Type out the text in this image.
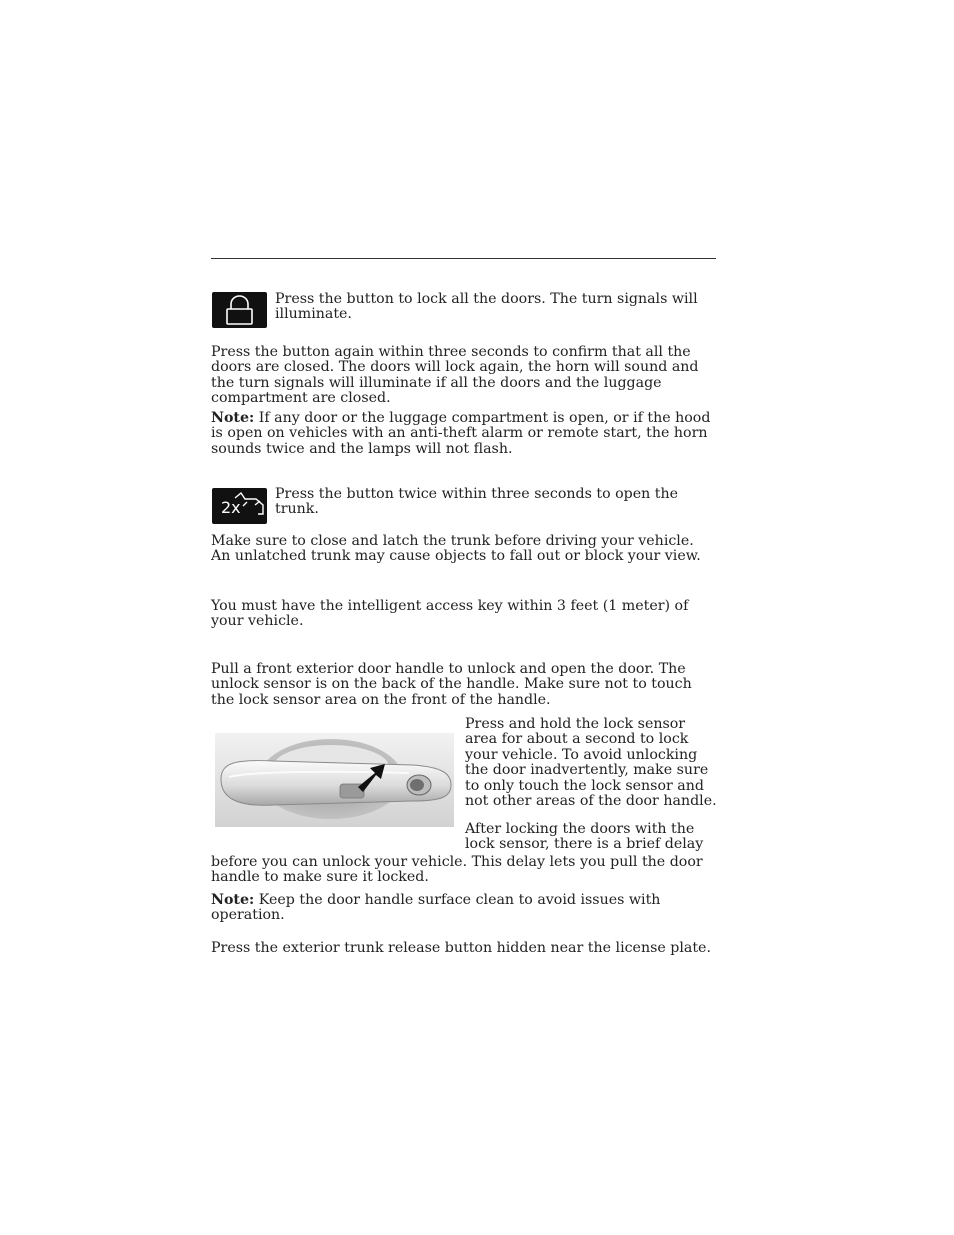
Press the button to lock all the doors. The turn signals will illuminate.

Press the button again within three seconds to confirm that all the doors are closed. The doors will lock again, the horn will sound and the turn signals will illuminate if all the doors and the luggage compartment are closed.

Note: If any door or the luggage compartment is open, or if the hood is open on vehicles with an anti-theft alarm or remote start, the horn sounds twice and the lamps will not flash.

2x

Press the button twice within three seconds to open the trunk.

Make sure to close and latch the trunk before driving your vehicle. An unlatched trunk may cause objects to fall out or block your view.

You must have the intelligent access key within 3 feet (1 meter) of your vehicle.

Pull a front exterior door handle to unlock and open the door. The unlock sensor is on the back of the handle. Make sure not to touch the lock sensor area on the front of the handle.

Press and hold the lock sensor area for about a second to lock your vehicle. To avoid unlocking the door inadvertently, make sure to only touch the lock sensor and not other areas of the door handle.

After locking the doors with the lock sensor, there is a brief delay

before you can unlock your vehicle. This delay lets you pull the door handle to make sure it locked.

Note: Keep the door handle surface clean to avoid issues with operation.

Press the exterior trunk release button hidden near the license plate.
